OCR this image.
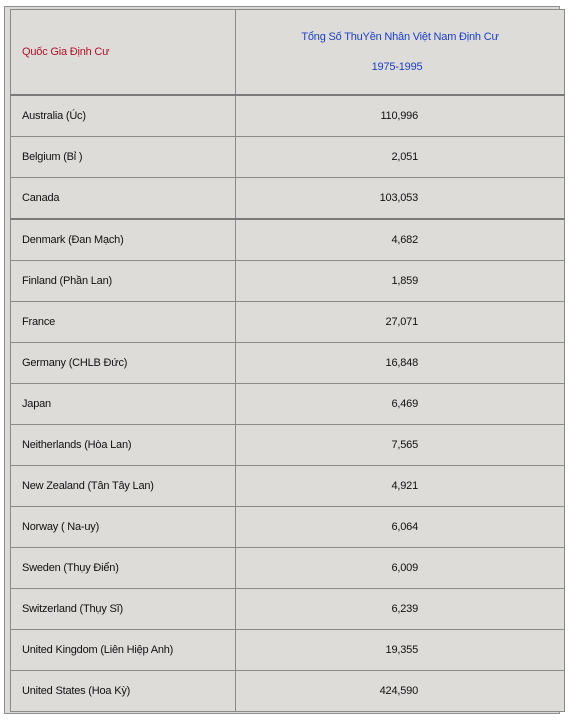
Quốc Gia Định Cư	Tổng Số ThuYền Nhân Việt Nam Định Cư
1975-1995

Australia (Úc)	110,996

Belgium (Bỉ )	2,051

Canada	103,053

Denmark (Đan Mạch)	4,682

Finland (Phần Lan)	1,859

France	27,071

Germany (CHLB Đức)	16,848

Japan	6,469

Neitherlands (Hòa Lan)	7,565

New Zealand (Tân Tây Lan)	4,921

Norway ( Na-uy)	6,064

Sweden (Thụy Điển)	6,009

Switzerland (Thụy Sĩ)	6,239

United Kingdom (Liên Hiệp Anh)	19,355

United States (Hoa Kỳ)	424,590
